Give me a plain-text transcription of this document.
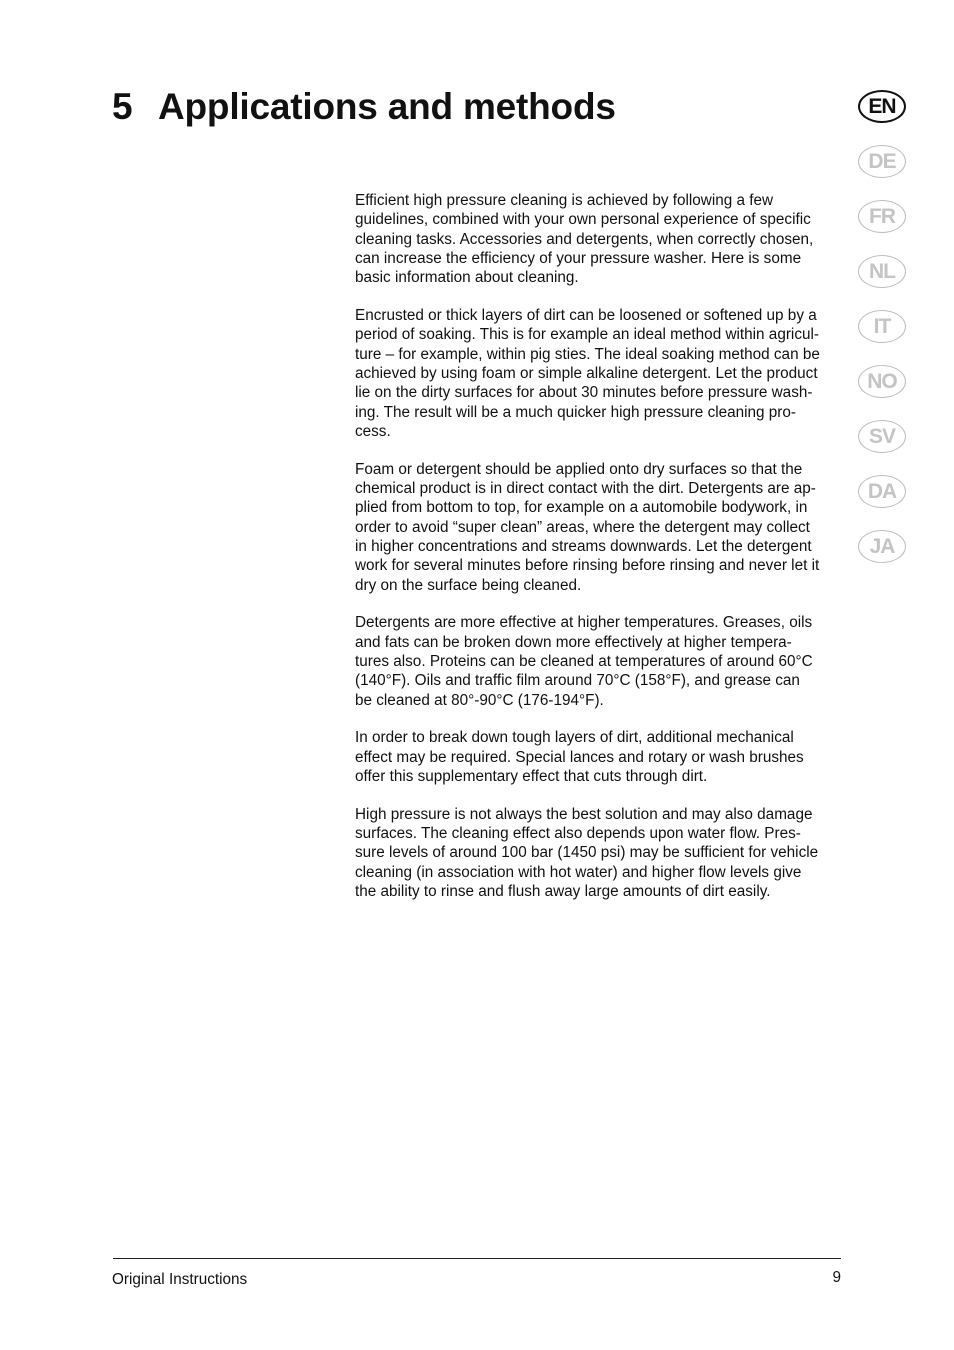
5 Applications and methods	EN
DE
FR
NL
IT
NO
SV
DA
JA

Efficient high pressure cleaning is achieved by following a few
guidelines, combined with your own personal experience of specific
cleaning tasks. Accessories and detergents, when correctly chosen,
can increase the efficiency of your pressure washer. Here is some
basic information about cleaning.

Encrusted or thick layers of dirt can be loosened or softened up by a
period of soaking. This is for example an ideal method within agricul-
ture – for example, within pig sties. The ideal soaking method can be
achieved by using foam or simple alkaline detergent. Let the product
lie on the dirty surfaces for about 30 minutes before pressure wash-
ing. The result will be a much quicker high pressure cleaning pro-
cess.

Foam or detergent should be applied onto dry surfaces so that the
chemical product is in direct contact with the dirt. Detergents are ap-
plied from bottom to top, for example on a automobile bodywork, in
order to avoid “super clean” areas, where the detergent may collect
in higher concentrations and streams downwards. Let the detergent
work for several minutes before rinsing before rinsing and never let it
dry on the surface being cleaned.

Detergents are more effective at higher temperatures. Greases, oils
and fats can be broken down more effectively at higher tempera-
tures also. Proteins can be cleaned at temperatures of around 60°C
(140°F). Oils and traffic film around 70°C (158°F), and grease can
be cleaned at 80°-90°C (176-194°F).

In order to break down tough layers of dirt, additional mechanical
effect may be required. Special lances and rotary or wash brushes
offer this supplementary effect that cuts through dirt.

High pressure is not always the best solution and may also damage
surfaces. The cleaning effect also depends upon water flow. Pres-
sure levels of around 100 bar (1450 psi) may be sufficient for vehicle
cleaning (in association with hot water) and higher flow levels give
the ability to rinse and flush away large amounts of dirt easily.

Original Instructions	9
